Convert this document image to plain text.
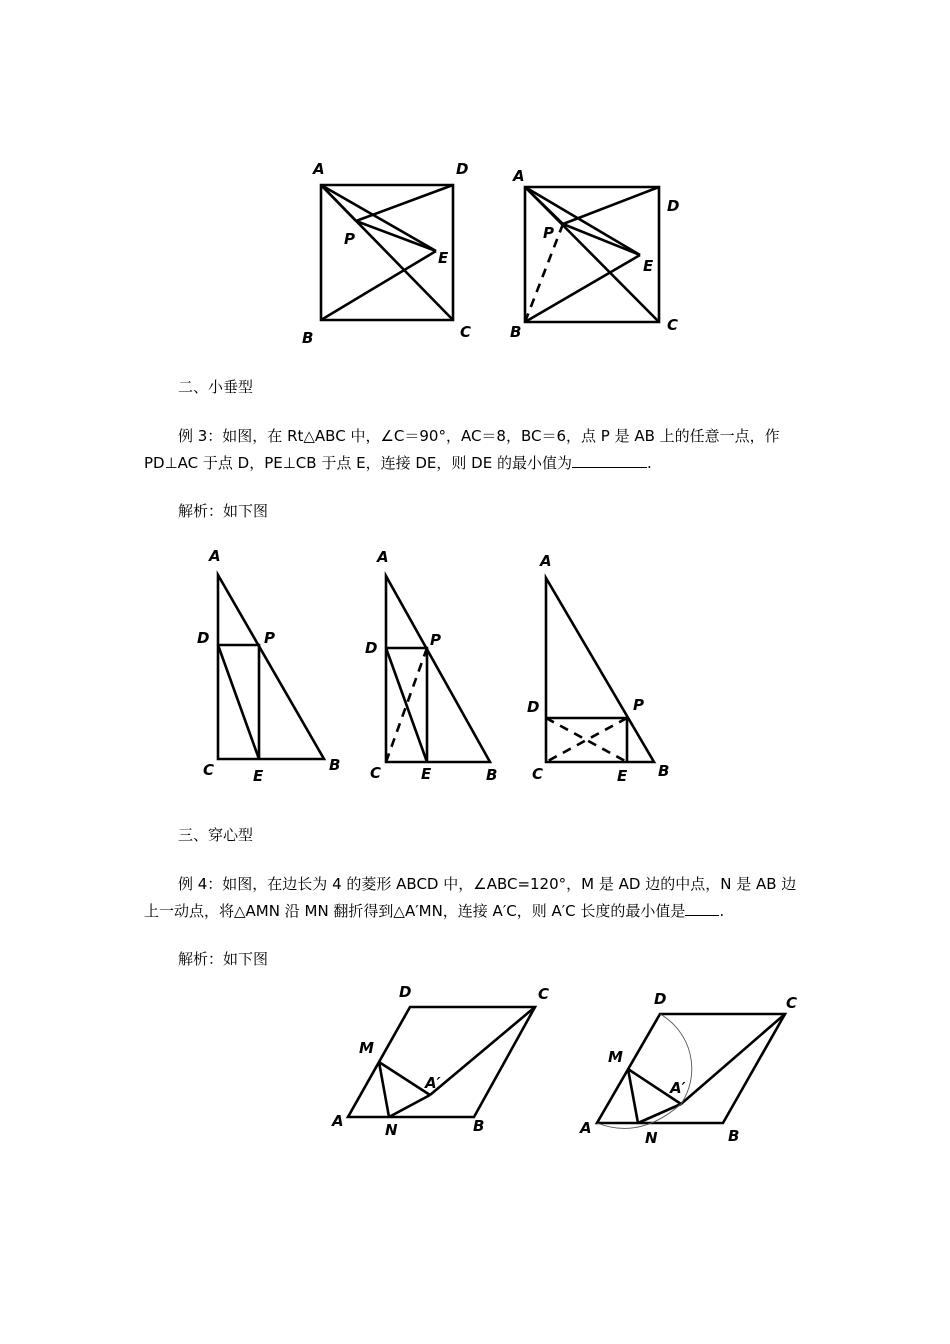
A	D
P
E
B	C
A
D
P
E
B	C
二、小垂型
例 3：如图，在 Rt△ABC 中，∠C＝90°，AC＝8，BC＝6，点 P 是 AB 上的任意一点，作
PD⊥AC 于点 D，PE⊥CB 于点 E，连接 DE，则 DE 的最小值为	.
解析：如下图
A
D	P
C	E
B
A
D	P
C	E	B
A
D	P
C	E B
三、穿心型
例 4：如图，在边长为 4 的菱形 ABCD 中，∠ABC=120°，M 是 AD 边的中点，N 是 AB 边
上一动点，将△AMN 沿 MN 翻折得到△A′MN，连接 A′C，则 A′C 长度的最小值是 .
解析：如下图
D	C
M
A′
A	N	B
D	C
M
A′
A
N	B
